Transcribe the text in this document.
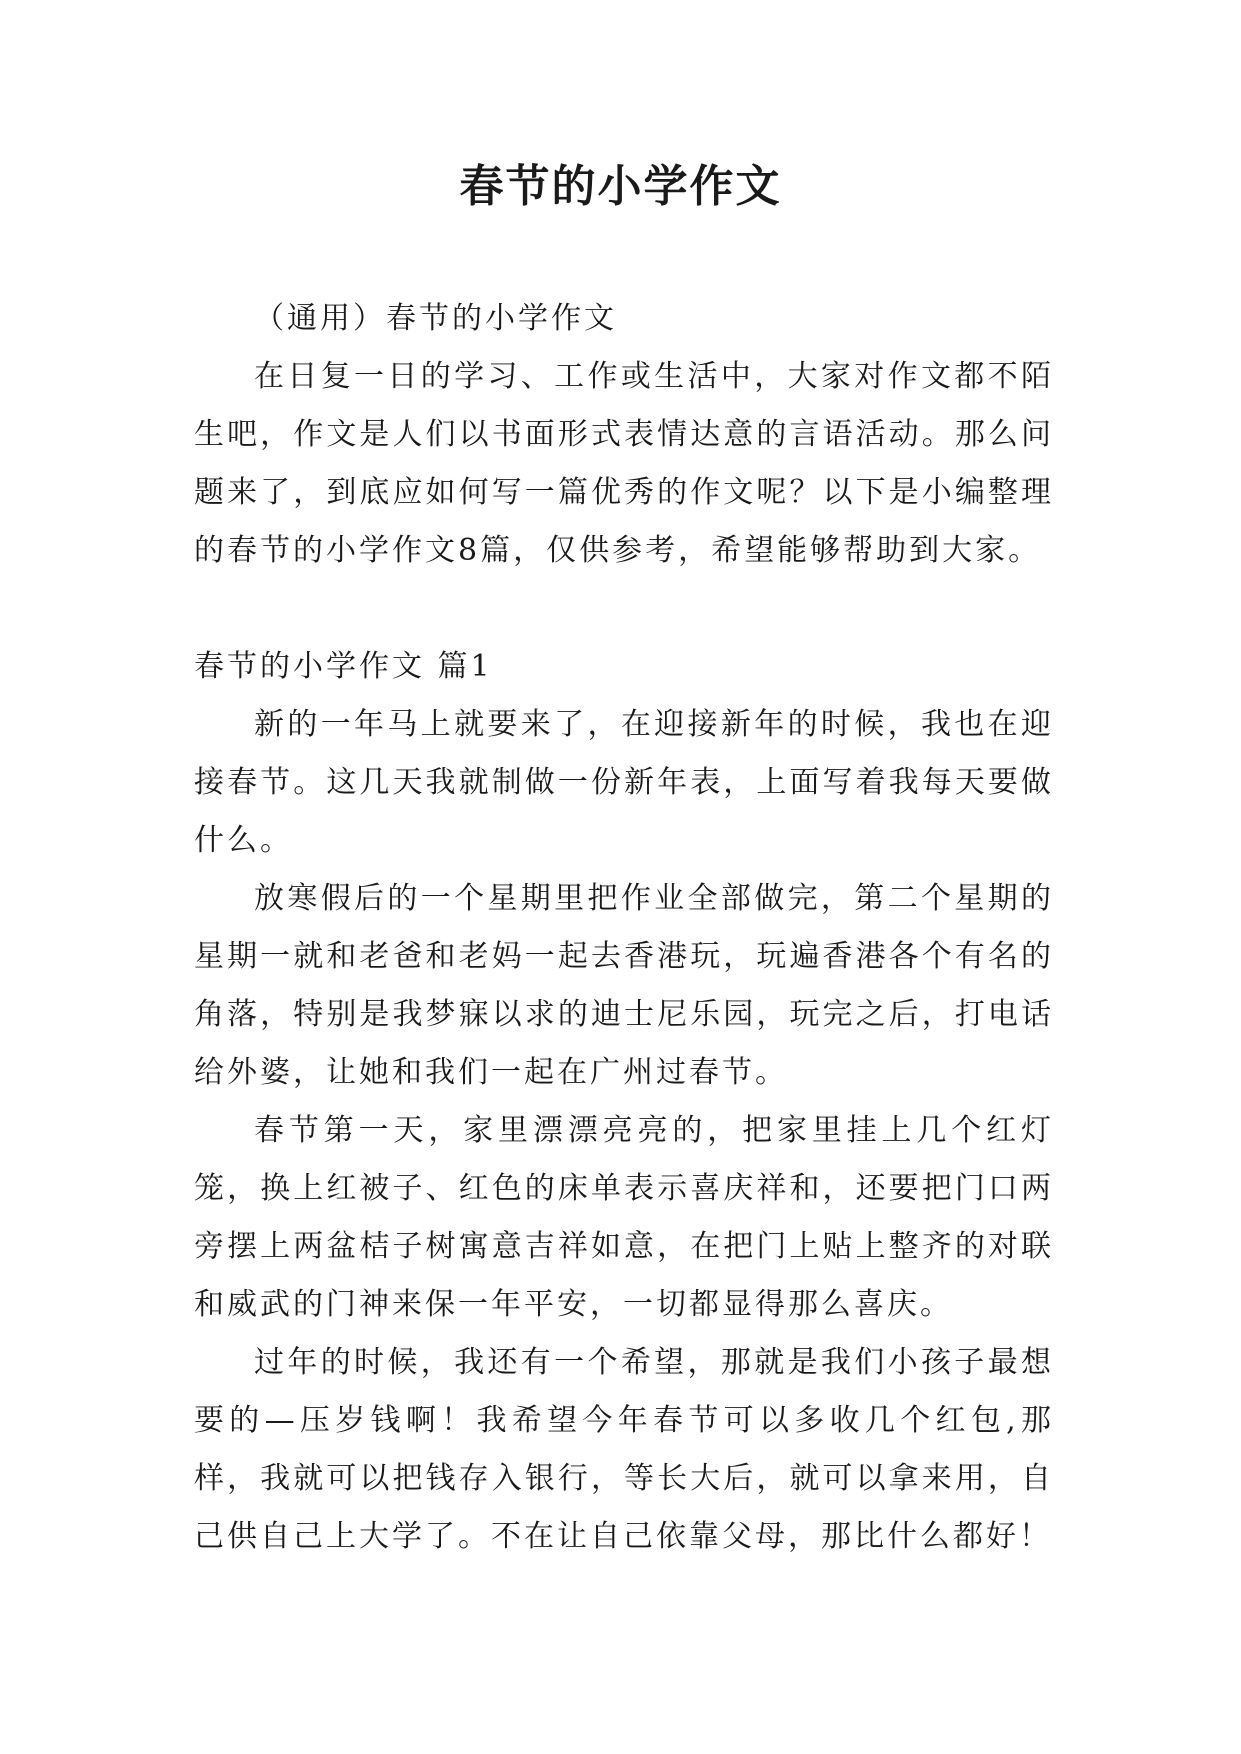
春节的小学作文

（通用）春节的小学作文

在日复一日的学习、工作或生活中，大家对作文都不陌生吧，作文是人们以书面形式表情达意的言语活动。那么问题来了，到底应如何写一篇优秀的作文呢？以下是小编整理的春节的小学作文8篇，仅供参考，希望能够帮助到大家。

春节的小学作文 篇1

新的一年马上就要来了，在迎接新年的时候，我也在迎接春节。这几天我就制做一份新年表，上面写着我每天要做什么。

放寒假后的一个星期里把作业全部做完，第二个星期的星期一就和老爸和老妈一起去香港玩，玩遍香港各个有名的角落，特别是我梦寐以求的迪士尼乐园，玩完之后，打电话给外婆，让她和我们一起在广州过春节。

春节第一天，家里漂漂亮亮的，把家里挂上几个红灯笼，换上红被子、红色的床单表示喜庆祥和，还要把门口两旁摆上两盆桔子树寓意吉祥如意，在把门上贴上整齐的对联和威武的门神来保一年平安，一切都显得那么喜庆。

过年的时候，我还有一个希望，那就是我们小孩子最想要的—压岁钱啊！我希望今年春节可以多收几个红包,那样，我就可以把钱存入银行，等长大后，就可以拿来用，自己供自己上大学了。不在让自己依靠父母，那比什么都好！
